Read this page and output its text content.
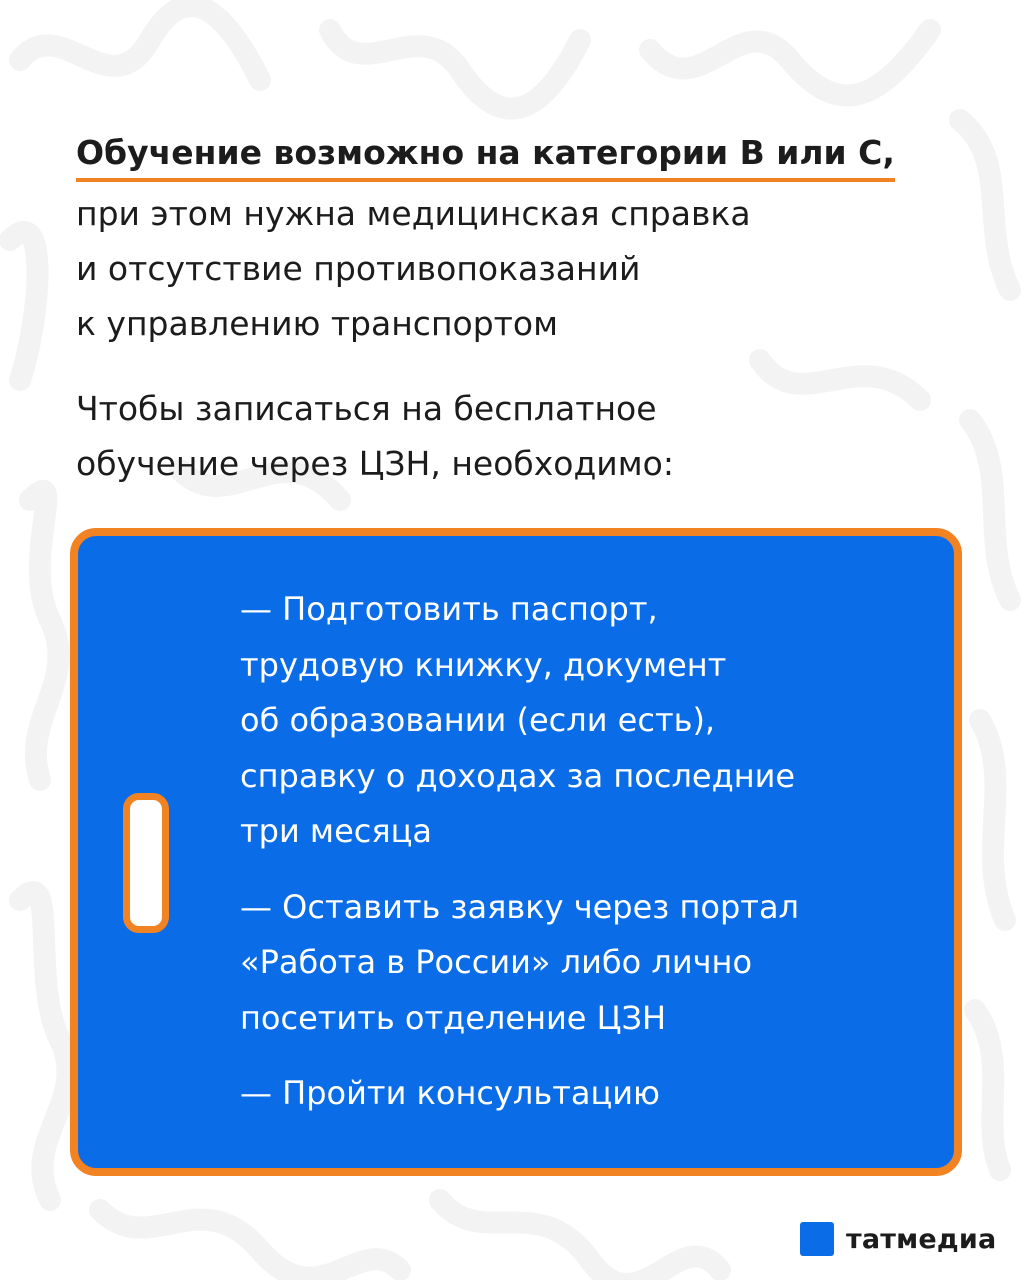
Обучение возможно на категории B или C,

при этом нужна медицинская справка
и отсутствие противопоказаний
к управлению транспортом

Чтобы записаться на бесплатное
обучение через ЦЗН, необходимо:

— Подготовить паспорт,
трудовую книжку, документ
об образовании (если есть),
справку о доходах за последние
три месяца

— Оставить заявку через портал
«Работа в России» либо лично
посетить отделение ЦЗН

— Пройти консультацию

татмедиа
